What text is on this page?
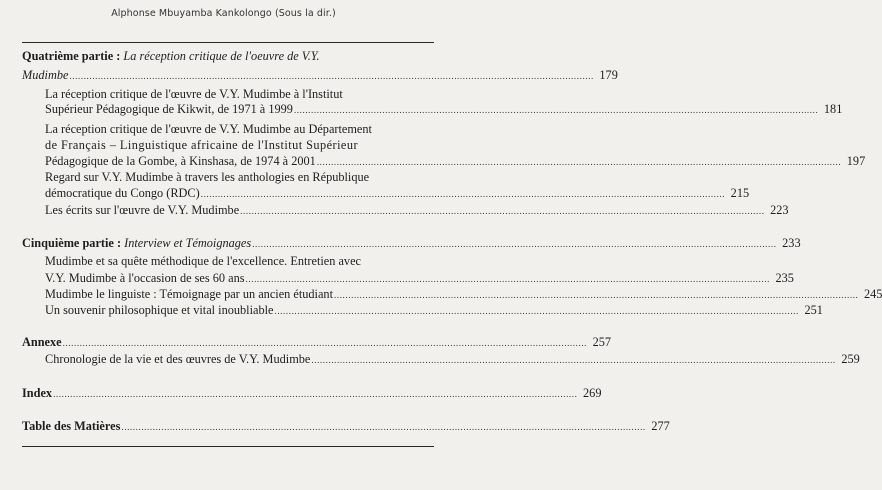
Alphonse Mbuyamba Kankolongo (Sous la dir.)
Quatrième partie : La réception critique de l'oeuvre de V.Y.
Mudimbe .....	179
La réception critique de l'œuvre de V.Y. Mudimbe à l'Institut
Supérieur Pédagogique de Kikwit, de 1971 à 1999 .....	181
La réception critique de l'œuvre de V.Y. Mudimbe au Département
de Français – Linguistique africaine de l'Institut Supérieur
Pédagogique de la Gombe, à Kinshasa, de 1974 à 2001 .....	197
Regard sur V.Y. Mudimbe à travers les anthologies en République
démocratique du Congo (RDC) .....	215
Les écrits sur l'œuvre de V.Y. Mudimbe .....	223
Cinquième partie : Interview et Témoignages .....	233
Mudimbe et sa quête méthodique de l'excellence. Entretien avec
V.Y. Mudimbe à l'occasion de ses 60 ans .....	235
Mudimbe le linguiste : Témoignage par un ancien étudiant .....	245
Un souvenir philosophique et vital inoubliable .....	251
Annexe .....	257
Chronologie de la vie et des œuvres de V.Y. Mudimbe .....	259
Index .....	269
Table des Matières .....	277
